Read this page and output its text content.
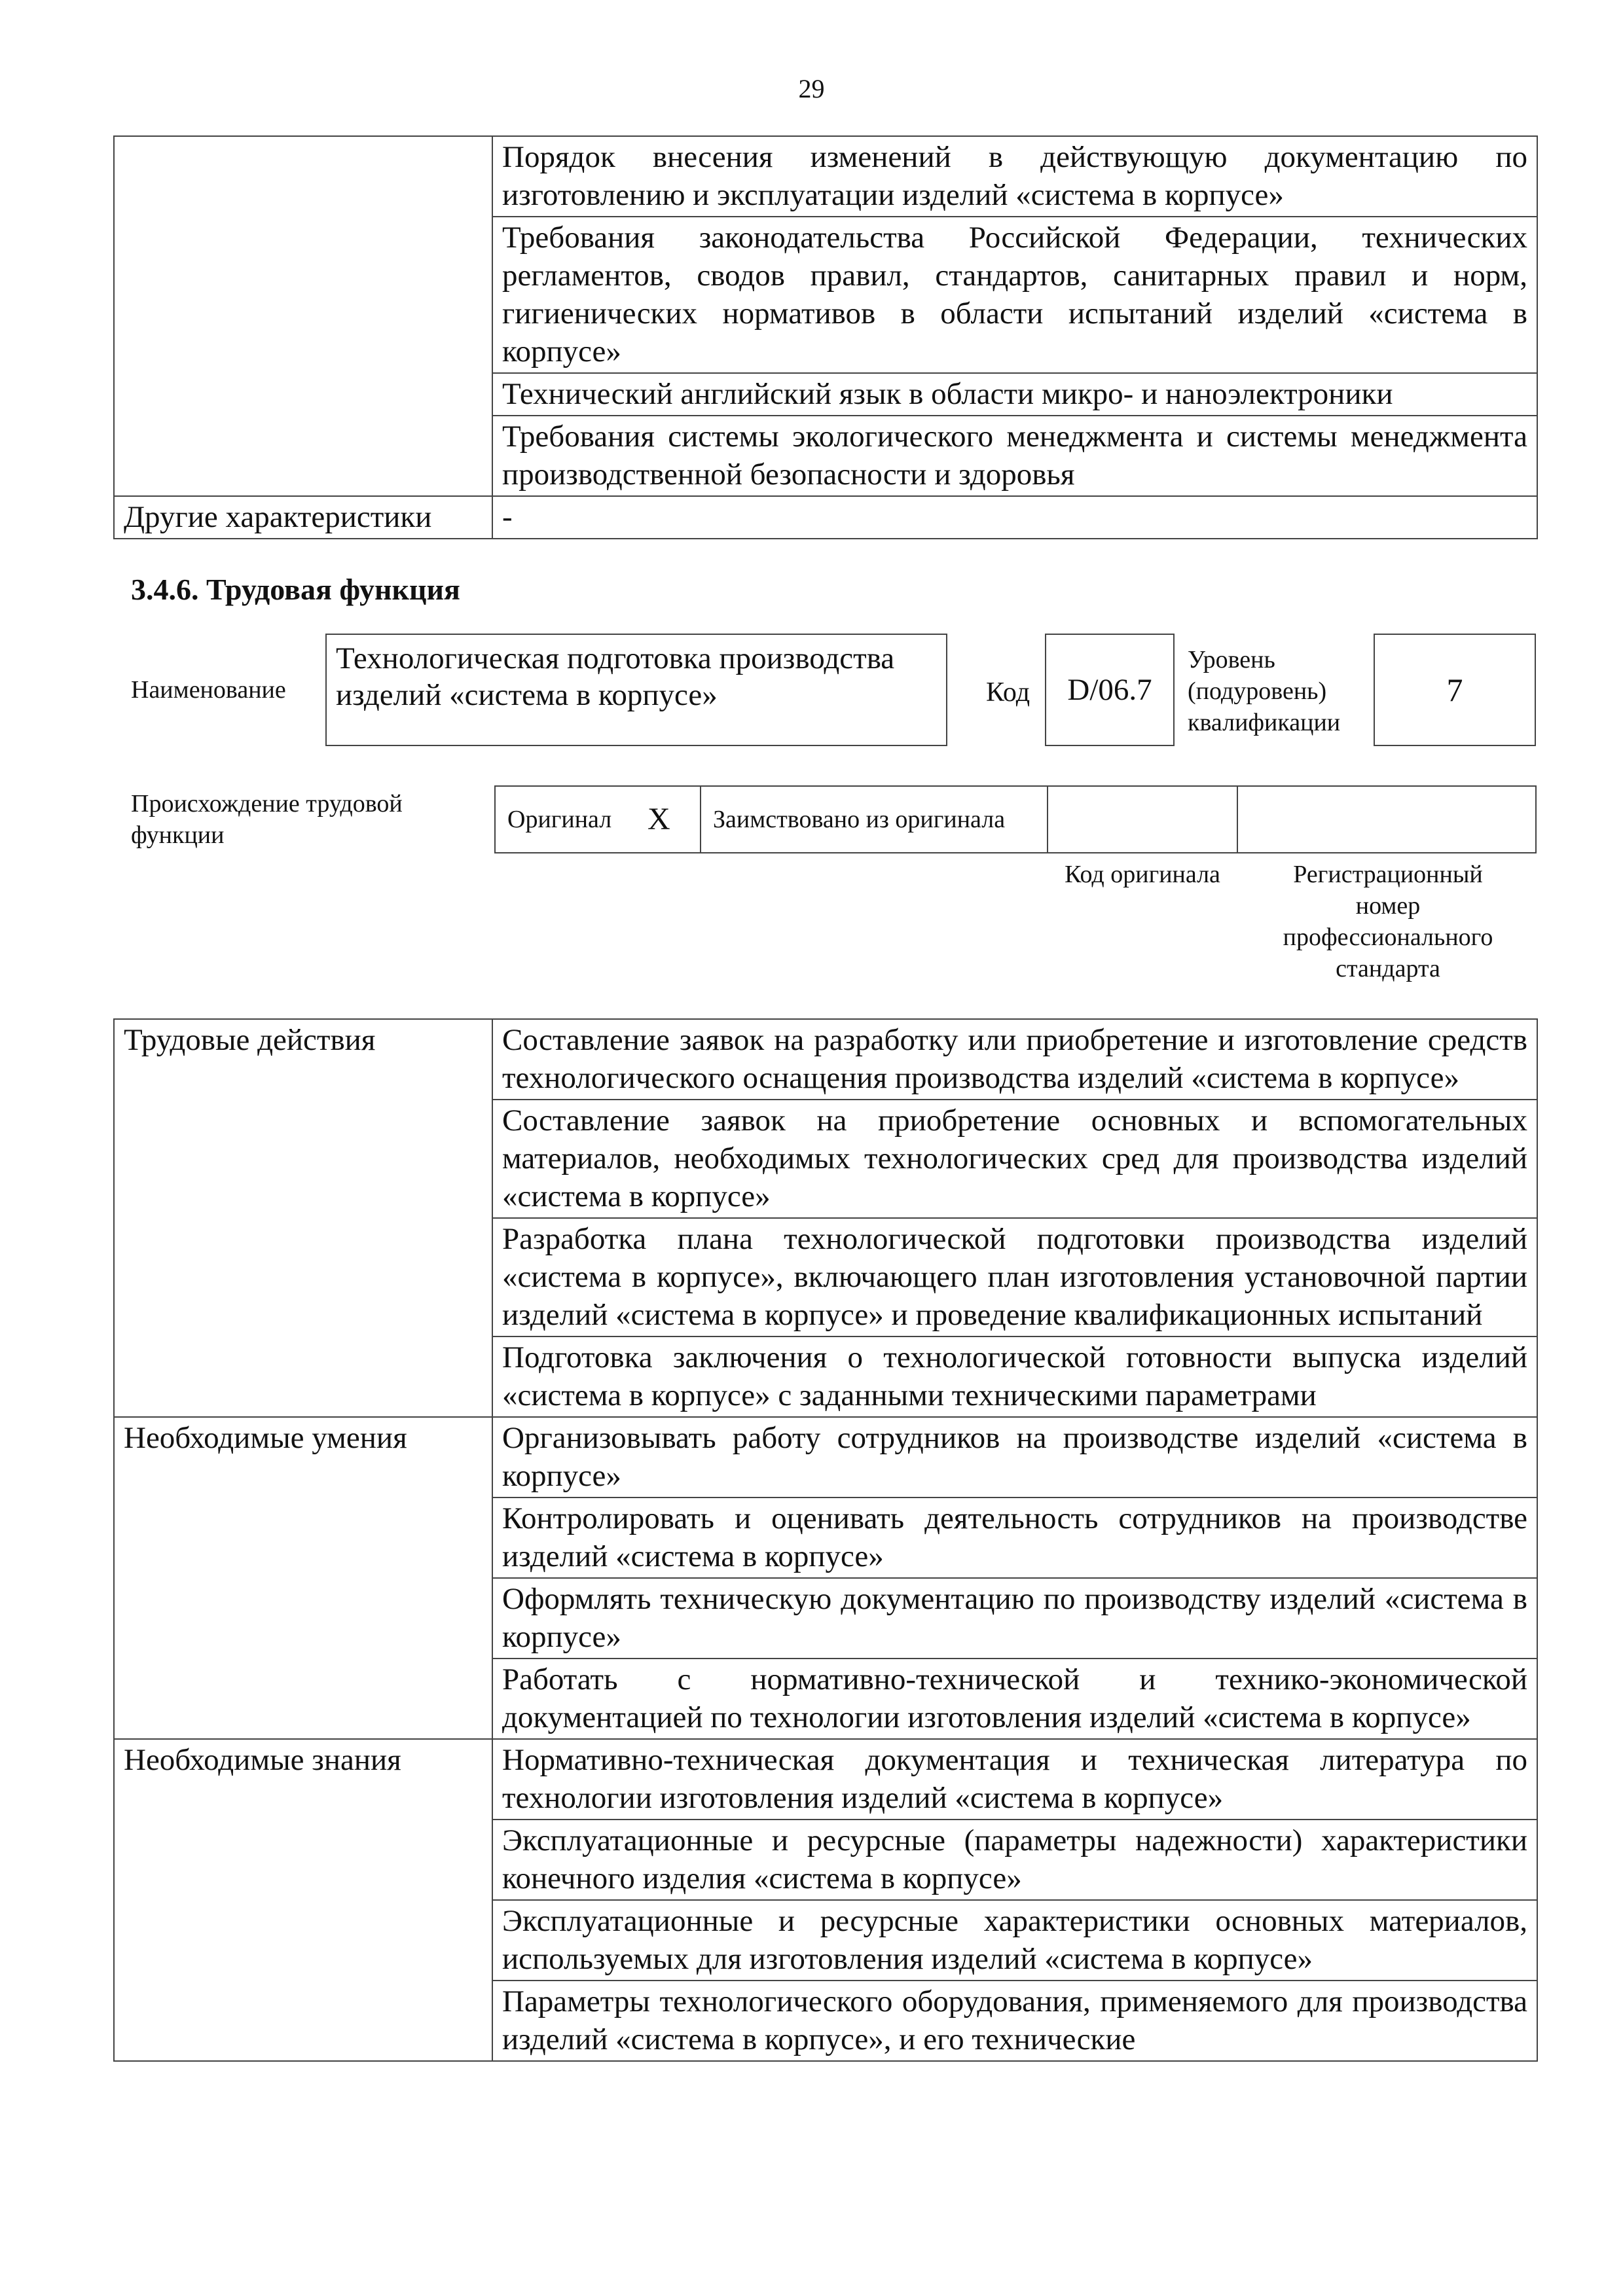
29
	Порядок внесения изменений в действующую документацию по изготовлению и эксплуатации изделий «система в корпусе»
	Требования законодательства Российской Федерации, технических регламентов, сводов правил, стандартов, санитарных правил и норм, гигиенических нормативов в области испытаний изделий «система в корпусе»
	Технический английский язык в области микро- и наноэлектроники
	Требования системы экологического менеджмента и системы менеджмента производственной безопасности и здоровья
Другие характеристики	-
3.4.6. Трудовая функция
Наименование
Технологическая подготовка производства изделий «система в корпусе»	Код	D/06.7
Уровень (подуровень) квалификации
7
Происхождение трудовой функции
Оригинал X Заимствовано из оригинала
Код оригинала	Регистрационный номер профессионального стандарта
Трудовые действия	Составление заявок на разработку или приобретение и изготовление средств технологического оснащения производства изделий «система в корпусе»
	Составление заявок на приобретение основных и вспомогательных материалов, необходимых технологических сред для производства изделий «система в корпусе»
	Разработка плана технологической подготовки производства изделий «система в корпусе», включающего план изготовления установочной партии изделий «система в корпусе» и проведение квалификационных испытаний
	Подготовка заключения о технологической готовности выпуска изделий «система в корпусе» с заданными техническими параметрами
Необходимые умения	Организовывать работу сотрудников на производстве изделий «система в корпусе»
	Контролировать и оценивать деятельность сотрудников на производстве изделий «система в корпусе»
	Оформлять техническую документацию по производству изделий «система в корпусе»
	Работать с нормативно-технической и технико-экономической документацией по технологии изготовления изделий «система в корпусе»
Необходимые знания	Нормативно-техническая документация и техническая литература по технологии изготовления изделий «система в корпусе»
	Эксплуатационные и ресурсные (параметры надежности) характеристики конечного изделия «система в корпусе»
	Эксплуатационные и ресурсные характеристики основных материалов, используемых для изготовления изделий «система в корпусе»
	Параметры технологического оборудования, применяемого для производства изделий «система в корпусе», и его технические
